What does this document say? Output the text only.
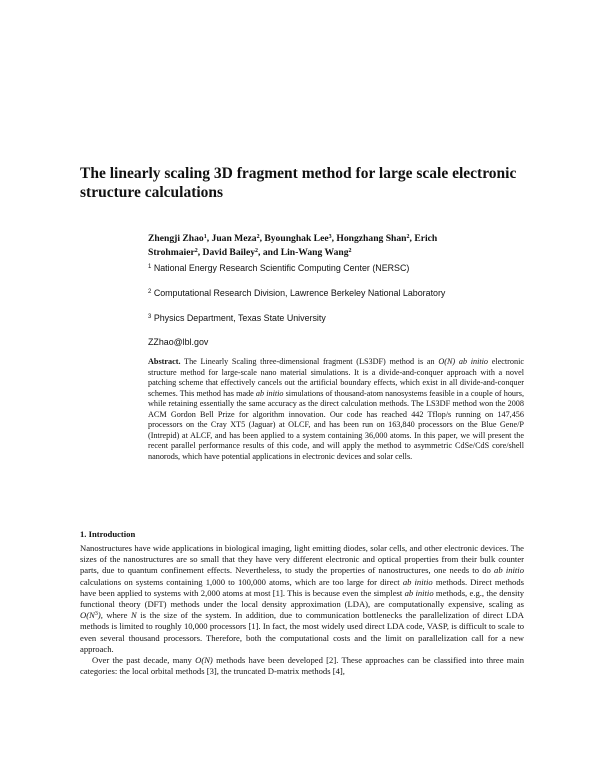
The linearly scaling 3D fragment method for large scale electronic structure calculations
Zhengji Zhao$^1$, Juan Meza$^2$, Byounghak Lee$^3$, Hongzhang Shan$^2$, Erich Strohmaier$^2$, David Bailey$^2$, and Lin-Wang Wang$^2$
$^1$ National Energy Research Scientific Computing Center (NERSC)
$^2$ Computational Research Division, Lawrence Berkeley National Laboratory
$^3$ Physics Department, Texas State University
ZZhao@lbl.gov

Abstract. The Linearly Scaling three-dimensional fragment (LS3DF) method is an O(N) ab initio electronic structure method for large-scale nano material simulations. It is a divide-and-conquer approach with a novel patching scheme that effectively cancels out the artificial boundary effects, which exist in all divide-and-conquer schemes. This method has made ab initio simulations of thousand-atom nanosystems feasible in a couple of hours, while retaining essentially the same accuracy as the direct calculation methods. The LS3DF method won the 2008 ACM Gordon Bell Prize for algorithm innovation. Our code has reached 442 Tflop/s running on 147,456 processors on the Cray XT5 (Jaguar) at OLCF, and has been run on 163,840 processors on the Blue Gene/P (Intrepid) at ALCF, and has been applied to a system containing 36,000 atoms. In this paper, we will present the recent parallel performance results of this code, and will apply the method to asymmetric CdSe/CdS core/shell nanorods, which have potential applications in electronic devices and solar cells.

1. Introduction

Nanostructures have wide applications in biological imaging, light emitting diodes, solar cells, and other electronic devices. The sizes of the nanostructures are so small that they have very different electronic and optical properties from their bulk counter parts, due to quantum confinement effects. Nevertheless, to study the properties of nanostructures, one needs to do ab initio calculations on systems containing 1,000 to 100,000 atoms, which are too large for direct ab initio methods. Direct methods have been applied to systems with 2,000 atoms at most [1]. This is because even the simplest ab initio methods, e.g., the density functional theory (DFT) methods under the local density approximation (LDA), are computationally expensive, scaling as $O(N^3)$, where N is the size of the system. In addition, due to communication bottlenecks the parallelization of direct LDA methods is limited to roughly 10,000 processors [1]. In fact, the most widely used direct LDA code, VASP, is difficult to scale to even several thousand processors. Therefore, both the computational costs and the limit on parallelization call for a new approach.

Over the past decade, many O(N) methods have been developed [2]. These approaches can be classified into three main categories: the local orbital methods [3], the truncated D-matrix methods [4],
